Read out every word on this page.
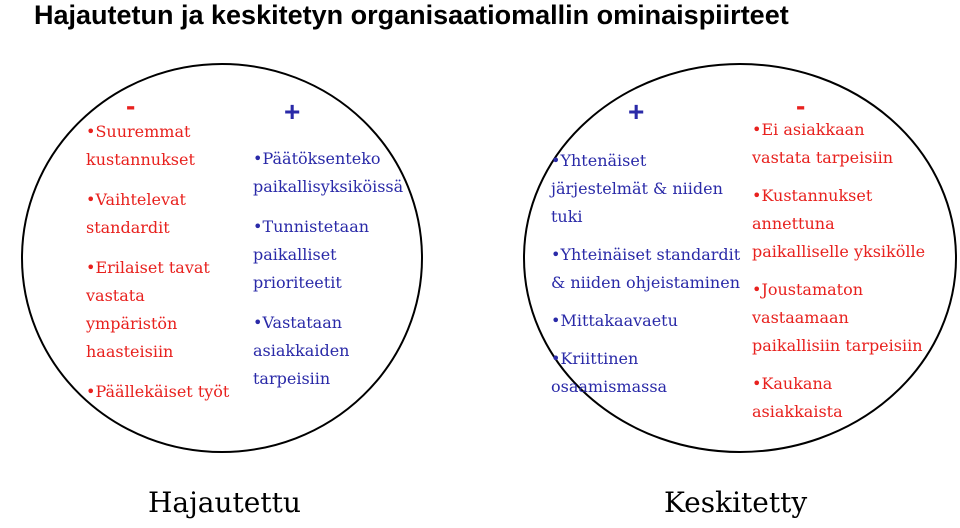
Hajautetun ja keskitetyn organisaatiomallin ominaispiirteet
-	+
•Suuremmat
kustannukset
•Vaihtelevat
standardit
•Erilaiset tavat
vastata
ympäristön
haasteisiin
•Päällekäiset työt
•Päätöksenteko
paikallisyksiköissä
•Tunnistetaan
paikalliset
prioriteetit
•Vastataan
asiakkaiden
tarpeisiin
+	-
•Yhtenäiset
järjestelmät & niiden
tuki
•Yhteinäiset standardit
& niiden ohjeistaminen
•Mittakaavaetu
•Kriittinen
osaamismassa
•Ei asiakkaan
vastata tarpeisiin
•Kustannukset
annettuna
paikalliselle yksikölle
•Joustamaton
vastaamaan
paikallisiin tarpeisiin
•Kaukana
asiakkaista
Hajautettu	Keskitetty
